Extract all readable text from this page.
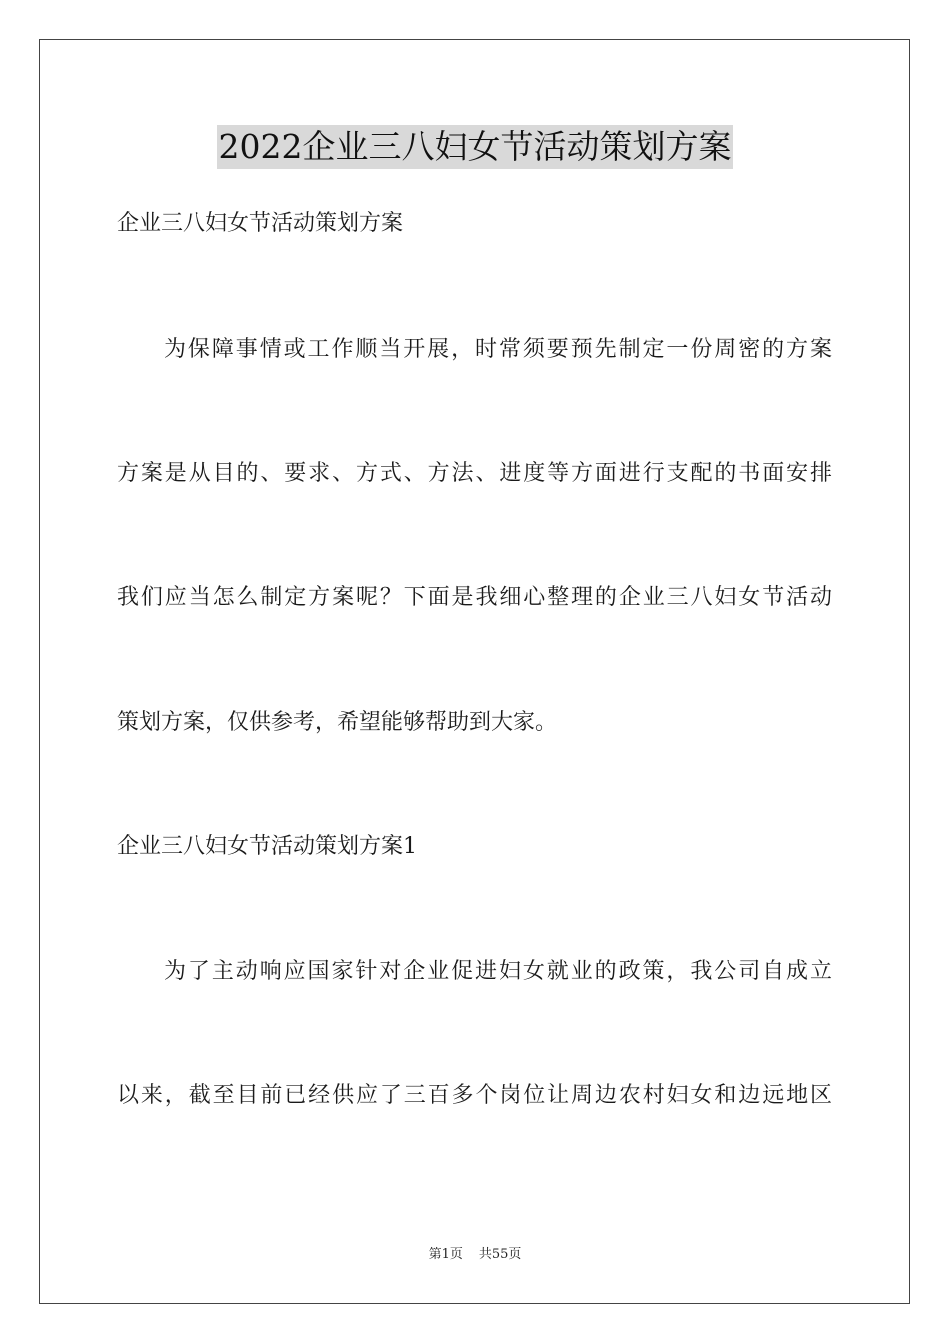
2022企业三八妇女节活动策划方案
企业三八妇女节活动策划方案
为保障事情或工作顺当开展，时常须要预先制定一份周密的方案
方案是从目的、要求、方式、方法、进度等方面进行支配的书面安排
我们应当怎么制定方案呢？下面是我细心整理的企业三八妇女节活动
策划方案，仅供参考，希望能够帮助到大家。
企业三八妇女节活动策划方案1
为了主动响应国家针对企业促进妇女就业的政策，我公司自成立
以来，截至目前已经供应了三百多个岗位让周边农村妇女和边远地区
第1页 共55页
